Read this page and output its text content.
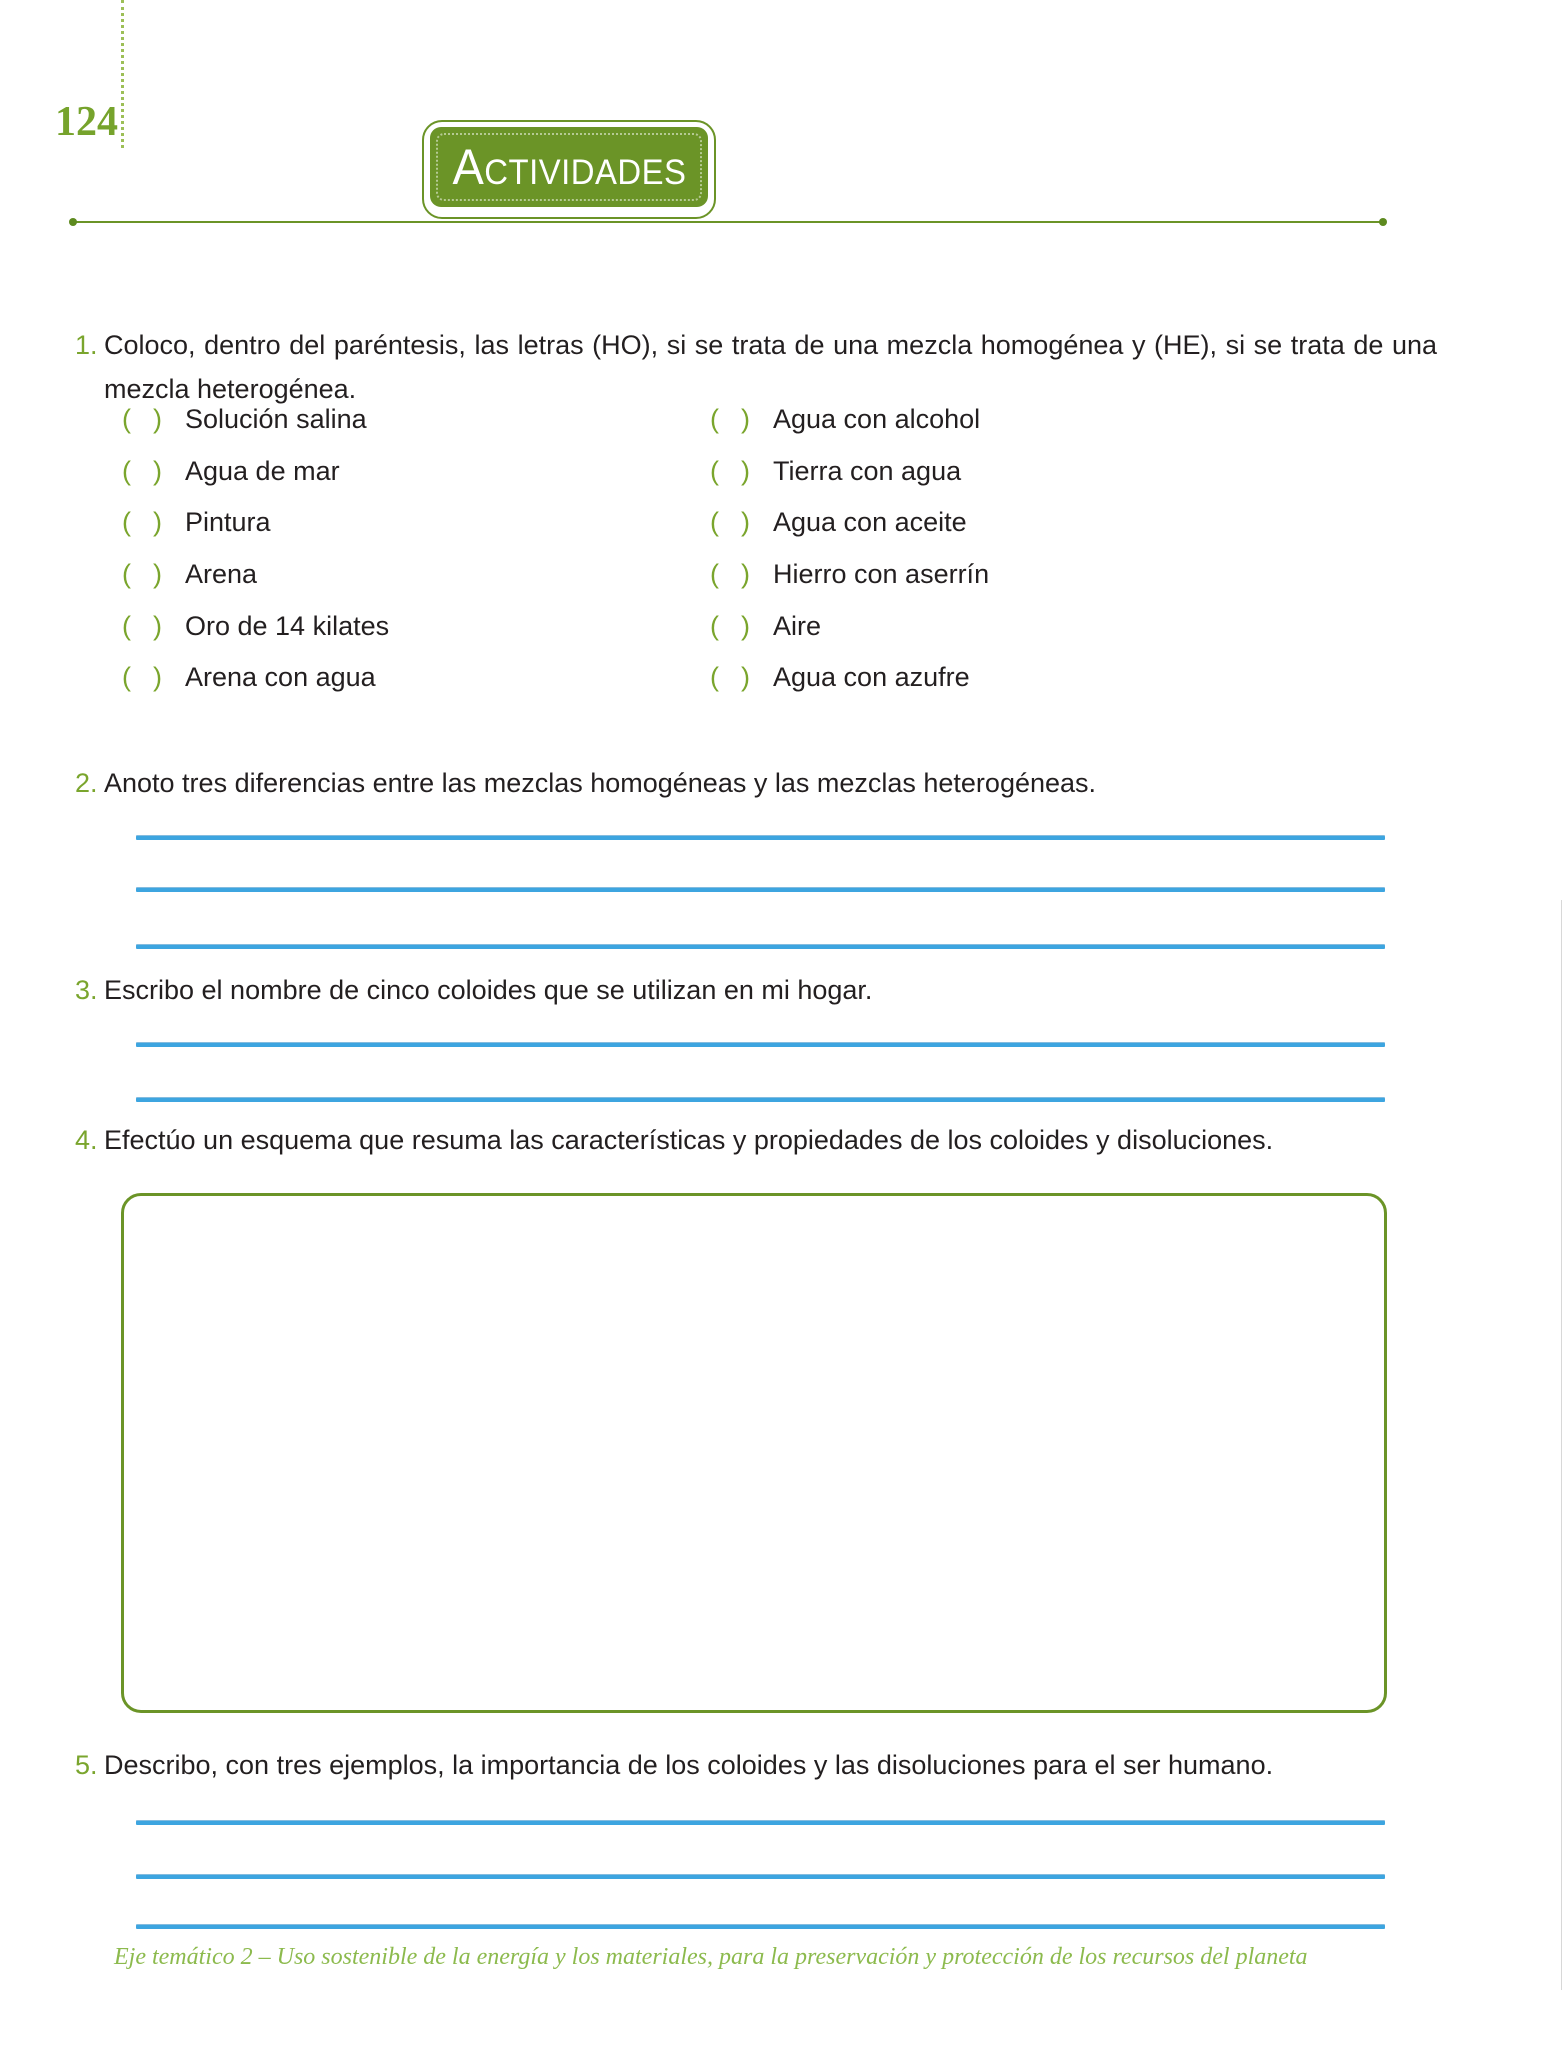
124
A CTIVIDADES
1. Coloco, dentro del paréntesis, las letras (HO), si se trata de una mezcla homogénea y (HE), si se trata de una mezcla heterogénea.
( ) Solución salina	( ) Agua con alcohol
( ) Agua de mar	( ) Tierra con agua
( ) Pintura	( ) Agua con aceite
( ) Arena	( ) Hierro con aserrín
( ) Oro de 14 kilates	( ) Aire
( ) Arena con agua	( ) Agua con azufre
2. Anoto tres diferencias entre las mezclas homogéneas y las mezclas heterogéneas.
3. Escribo el nombre de cinco coloides que se utilizan en mi hogar.
4. Efectúo un esquema que resuma las características y propiedades de los coloides y disoluciones.
5. Describo, con tres ejemplos, la importancia de los coloides y las disoluciones para el ser humano.
Eje temático 2 – Uso sostenible de la energía y los materiales, para la preservación y protección de los recursos del planeta
